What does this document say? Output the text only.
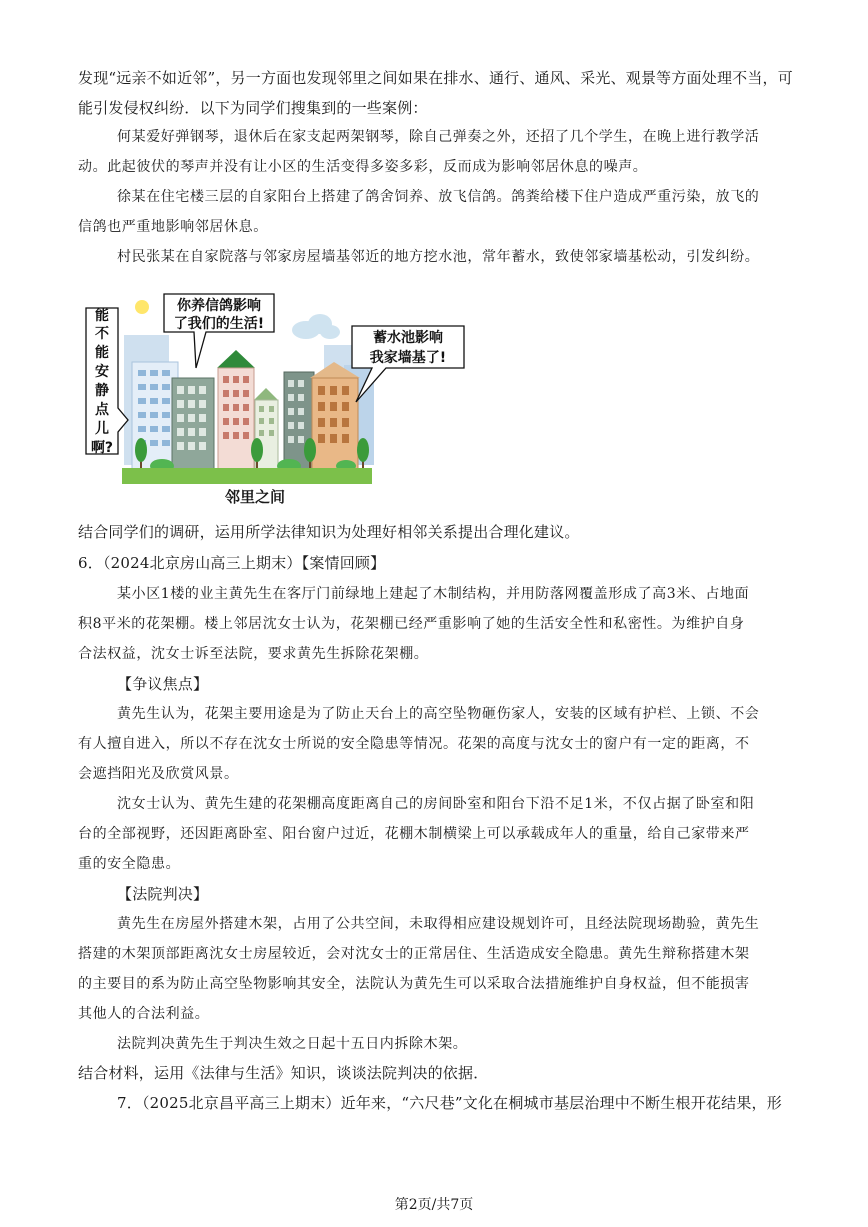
发现“远亲不如近邻”，另一方面也发现邻里之间如果在排水、通行、通风、采光、观景等方面处理不当，可
能引发侵权纠纷．以下为同学们搜集到的一些案例：
何某爱好弹钢琴，退休后在家支起两架钢琴，除自己弹奏之外，还招了几个学生，在晚上进行教学活
动。此起彼伏的琴声并没有让小区的生活变得多姿多彩，反而成为影响邻居休息的噪声。
徐某在住宅楼三层的自家阳台上搭建了鸽舍饲养、放飞信鸽。鸽粪给楼下住户造成严重污染，放飞的
信鸽也严重地影响邻居休息。
村民张某在自家院落与邻家房屋墙基邻近的地方挖水池，常年蓄水，致使邻家墙基松动，引发纠纷。
能
不
能
安
静
点
儿
啊?
你养信鸽影响
了我们的生活!
蓄水池影响
我家墙基了!
邻里之间
结合同学们的调研，运用所学法律知识为处理好相邻关系提出合理化建议。
6．（2024北京房山高三上期末）【案情回顾】
某小区1楼的业主黄先生在客厅门前绿地上建起了木制结构，并用防落网覆盖形成了高3米、占地面
积8平米的花架棚。楼上邻居沈女士认为，花架棚已经严重影响了她的生活安全性和私密性。为维护自身
合法权益，沈女士诉至法院，要求黄先生拆除花架棚。
【争议焦点】
黄先生认为，花架主要用途是为了防止天台上的高空坠物砸伤家人，安装的区域有护栏、上锁、不会
有人擅自进入，所以不存在沈女士所说的安全隐患等情况。花架的高度与沈女士的窗户有一定的距离，不
会遮挡阳光及欣赏风景。
沈女士认为、黄先生建的花架棚高度距离自己的房间卧室和阳台下沿不足1米，不仅占据了卧室和阳
台的全部视野，还因距离卧室、阳台窗户过近，花棚木制横梁上可以承载成年人的重量，给自己家带来严
重的安全隐患。
【法院判决】
黄先生在房屋外搭建木架，占用了公共空间，未取得相应建设规划许可，且经法院现场勘验，黄先生
搭建的木架顶部距离沈女士房屋较近，会对沈女士的正常居住、生活造成安全隐患。黄先生辩称搭建木架
的主要目的系为防止高空坠物影响其安全，法院认为黄先生可以采取合法措施维护自身权益，但不能损害
其他人的合法利益。
法院判决黄先生于判决生效之日起十五日内拆除木架。
结合材料，运用《法律与生活》知识，谈谈法院判决的依据．
7．（2025北京昌平高三上期末）近年来，“六尺巷”文化在桐城市基层治理中不断生根开花结果，形
第2页/共7页
